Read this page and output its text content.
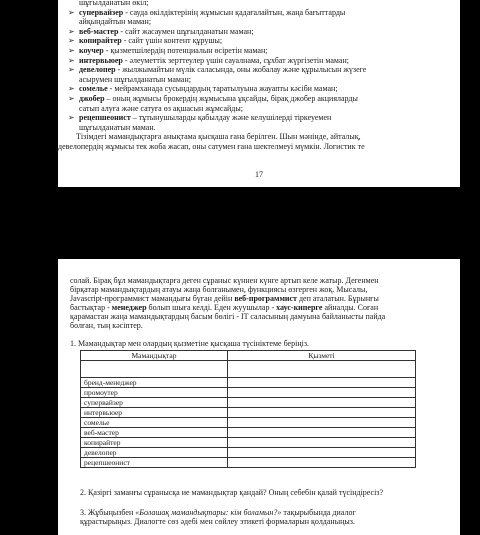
шұғылданатын өкіл;
➢ супервайзер - сауда өкілдіктерінің жұмысын қадағалайтын, жаңа бағыттарды
айқындайтын маман;
➢ веб-мастер - сайт жасаумен шұғылданатын маман;
➢ копирайтер - сайт үшін контент құрушы;
➢ коучер - қызметшілердің потенциалын өсіретін маман;
➢ интервьюер - әлеуметтік зерттеулер үшін сауалнама, сұхбат жүргізетін маман;
➢ девелопер - жылжымайтын мүлік саласында, оны жобалау және құрылысын жүзеге
асырумен шұғылданатын маман;
➢ сомелье - мейрамханада сусындардың таратылуына жауапты кәсіби маман;
➢ джобер – оның жұмысы брокердің жұмысына ұқсайды, бірақ джобер акцияларды
сатып алуға және сатуға өз ақшасын жұмсайды;
➢ рецепшеонист – тұтынушыларды қабылдау және келушілерді тіркеуемен
шұғылданатын маман.
Тізімдегі мамандықтарға анықтама қысқаша ғана берілген. Шын мәнінде, айталық,
девелопердің жұмысы тек жоба жасап, оны сатумен ғана шектелмеуі мүмкін. Логистик те
17
солай. Бірақ бұл мамандықтарға деген сұраныс күннен күнге артып келе жатыр. Дегенмен
бірқатар мамандықтардың атауы жаңа болғанымен, функциясы өзгерген жоқ. Мысалы,
Javascript-программист мамандығы бүған дейін веб-программист деп аталатын. Бұрынғы
бастықтар - менеджер болып шыға келді. Еден жуушылар - хаус-киперге айналды. Соған
қарамастан жаңа мамандықтардың басым бөлігі - IT саласының дамуына байланысты пайда
болған, тың кәсіптер.
1. Мамандықтар мен олардың қызметіне қысқаша түсініктеме беріңіз.
Мамандықтар	Қызметі

бренд-менеджер	
промоутер	
супервайзер	
интервьюер	
сомелье	
веб-мастер	
копирайтер	
девелопер	
рецепшеонист	
2. Қазіргі заманғы сұранысқа ие мамандықтар қандай? Оның себебін қалай түсіндіресіз?
3. Жұбыңызбен «Болашақ мамандықтары: кім боламын?» тақырыбында диалог
құрастырыңыз. Диалогте сөз әдебі мен сөйлеу этикеті формаларын қолданыңыз.
